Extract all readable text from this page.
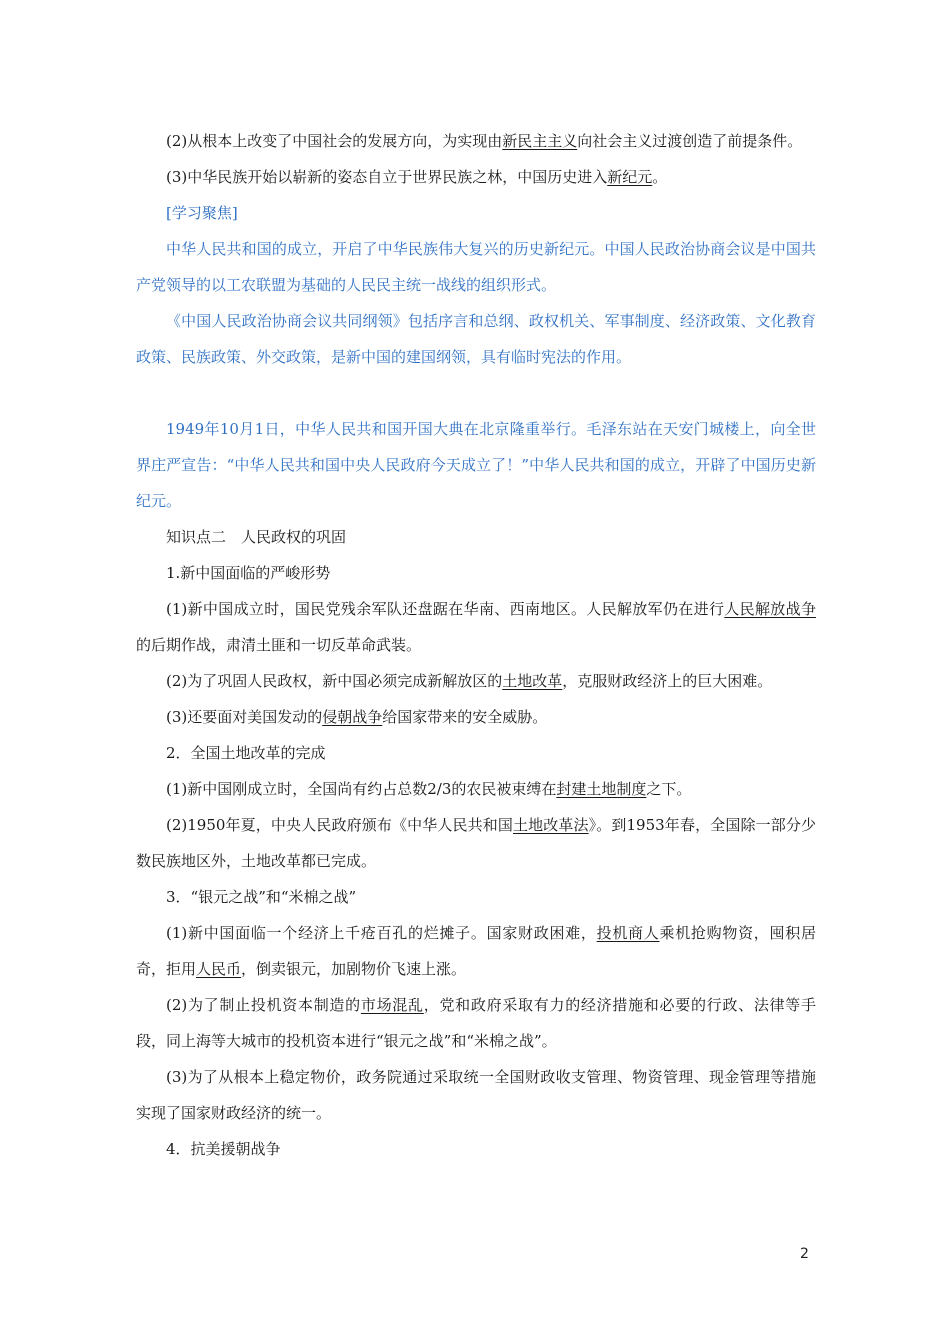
(2)从根本上改变了中国社会的发展方向，为实现由新民主主义向社会主义过渡创造了前提条件。

(3)中华民族开始以崭新的姿态自立于世界民族之林，中国历史进入新纪元。

[学习聚焦]

中华人民共和国的成立，开启了中华民族伟大复兴的历史新纪元。中国人民政治协商会议是中国共产党领导的以工农联盟为基础的人民民主统一战线的组织形式。

《中国人民政治协商会议共同纲领》包括序言和总纲、政权机关、军事制度、经济政策、文化教育政策、民族政策、外交政策，是新中国的建国纲领，具有临时宪法的作用。

1949年10月1日，中华人民共和国开国大典在北京隆重举行。毛泽东站在天安门城楼上，向全世界庄严宣告：“中华人民共和国中央人民政府今天成立了！”中华人民共和国的成立，开辟了中国历史新纪元。

知识点二　人民政权的巩固

1.新中国面临的严峻形势

(1)新中国成立时，国民党残余军队还盘踞在华南、西南地区。人民解放军仍在进行人民解放战争的后期作战，肃清土匪和一切反革命武装。

(2)为了巩固人民政权，新中国必须完成新解放区的土地改革，克服财政经济上的巨大困难。

(3)还要面对美国发动的侵朝战争给国家带来的安全威胁。

2．全国土地改革的完成

(1)新中国刚成立时，全国尚有约占总数2/3的农民被束缚在封建土地制度之下。

(2)1950年夏，中央人民政府颁布《中华人民共和国土地改革法》。到1953年春，全国除一部分少数民族地区外，土地改革都已完成。

3．“银元之战”和“米棉之战”

(1)新中国面临一个经济上千疮百孔的烂摊子。国家财政困难，投机商人乘机抢购物资，囤积居奇，拒用人民币，倒卖银元，加剧物价飞速上涨。

(2)为了制止投机资本制造的市场混乱，党和政府采取有力的经济措施和必要的行政、法律等手段，同上海等大城市的投机资本进行“银元之战”和“米棉之战”。

(3)为了从根本上稳定物价，政务院通过采取统一全国财政收支管理、物资管理、现金管理等措施实现了国家财政经济的统一。

4．抗美援朝战争

2
